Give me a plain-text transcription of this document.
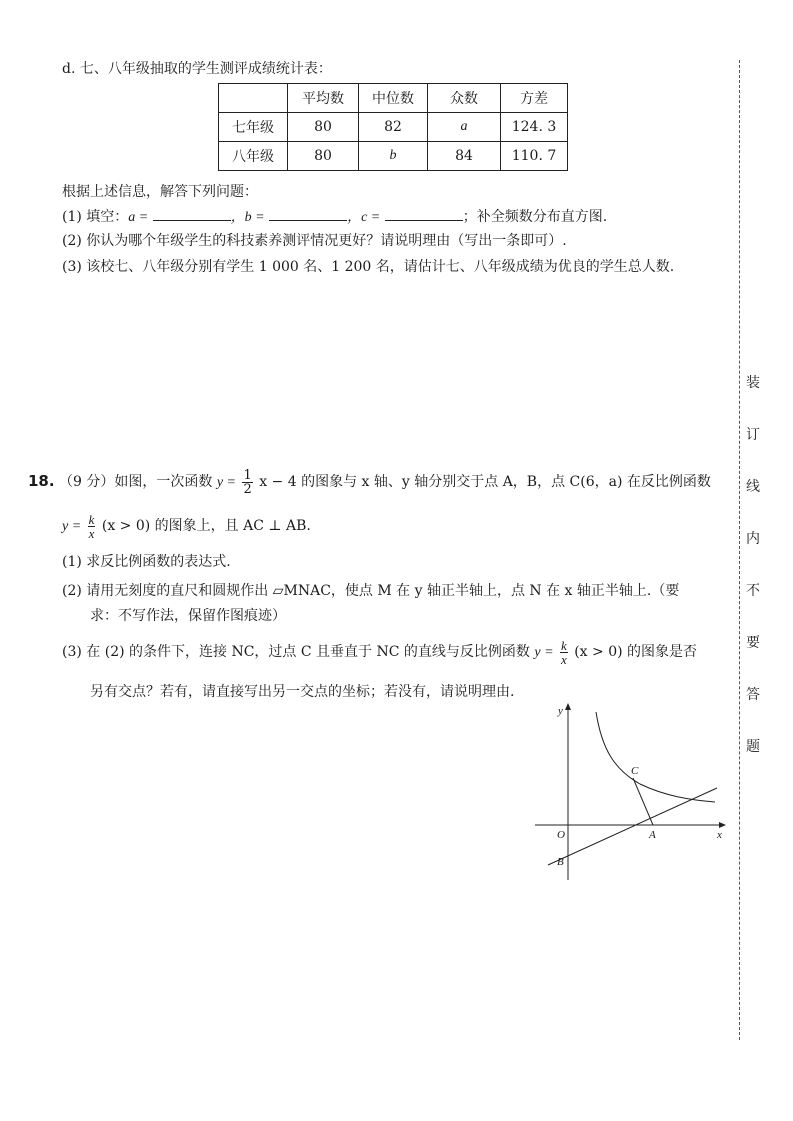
d. 七、八年级抽取的学生测评成绩统计表：
	平均数	中位数	众数	方差
七年级	80	82	a	124. 3
八年级	80	b	84	110. 7
根据上述信息，解答下列问题：
(1) 填空：a =	，b =	，c =	；补全频数分布直方图.
(2) 你认为哪个年级学生的科技素养测评情况更好？请说明理由（写出一条即可）.
(3) 该校七、八年级分别有学生 1 000 名、1 200 名，请估计七、八年级成绩为优良的学生总人数.
18. （9 分）如图，一次函数 $y = \frac{1}{2}$ x − 4 的图象与 x 轴、y 轴分别交于点 A，B，点 C(6，a) 在反比例函数
$y = \frac{k}{x} (x > 0)$ 的图象上，且 AC ⊥ AB.
(1) 求反比例函数的表达式.
(2) 请用无刻度的直尺和圆规作出 ▱MNAC，使点 M 在 y 轴正半轴上，点 N 在 x 轴正半轴上.（要
求：不写作法，保留作图痕迹）
(3) 在 (2) 的条件下，连接 NC，过点 C 且垂直于 NC 的直线与反比例函数 $y = \frac{k}{x} (x > 0)$ 的图象是否
另有交点？若有，请直接写出另一交点的坐标；若没有，请说明理由.
y
x
O	A
B
C
装
订
线
内
不
要
答
题
